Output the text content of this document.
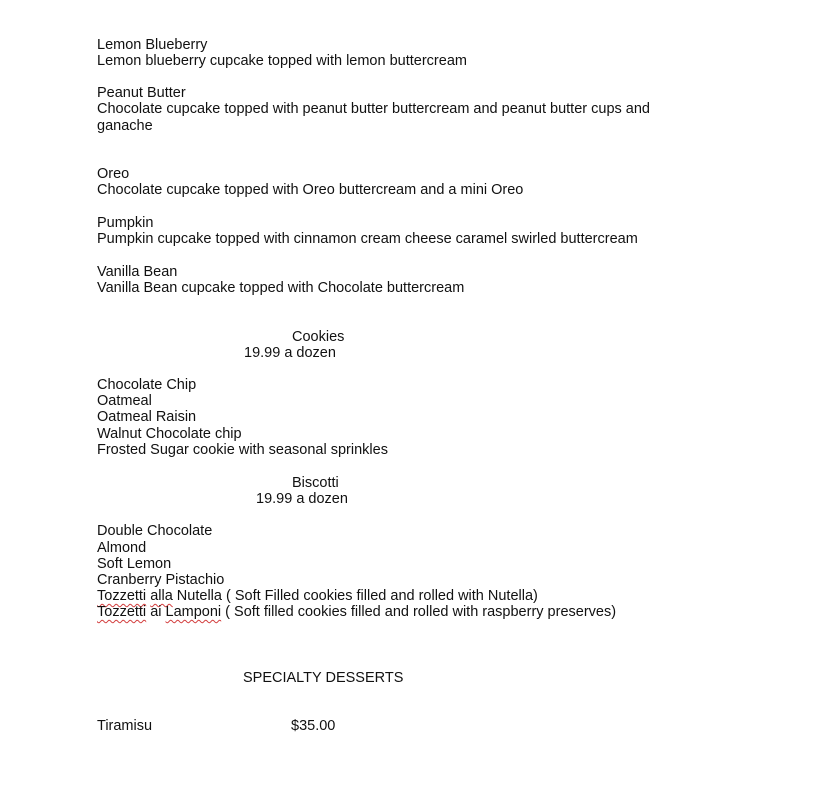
Lemon Blueberry
Lemon blueberry cupcake topped with lemon buttercream
Peanut Butter
Chocolate cupcake topped with peanut butter buttercream and peanut butter cups and ganache
Oreo
Chocolate cupcake topped with Oreo buttercream and a mini Oreo
Pumpkin
Pumpkin cupcake topped with cinnamon cream cheese caramel swirled buttercream
Vanilla Bean
Vanilla Bean cupcake topped with Chocolate buttercream
Cookies
19.99 a dozen
Chocolate Chip
Oatmeal
Oatmeal Raisin
Walnut Chocolate chip
Frosted Sugar cookie with seasonal sprinkles
Biscotti
19.99 a dozen
Double Chocolate
Almond
Soft Lemon
Cranberry Pistachio
Tozzetti alla Nutella ( Soft Filled cookies filled and rolled with Nutella)
Tozzetti ai Lamponi ( Soft filled cookies filled and rolled with raspberry preserves)
SPECIALTY DESSERTS
Tiramisu	$35.00
